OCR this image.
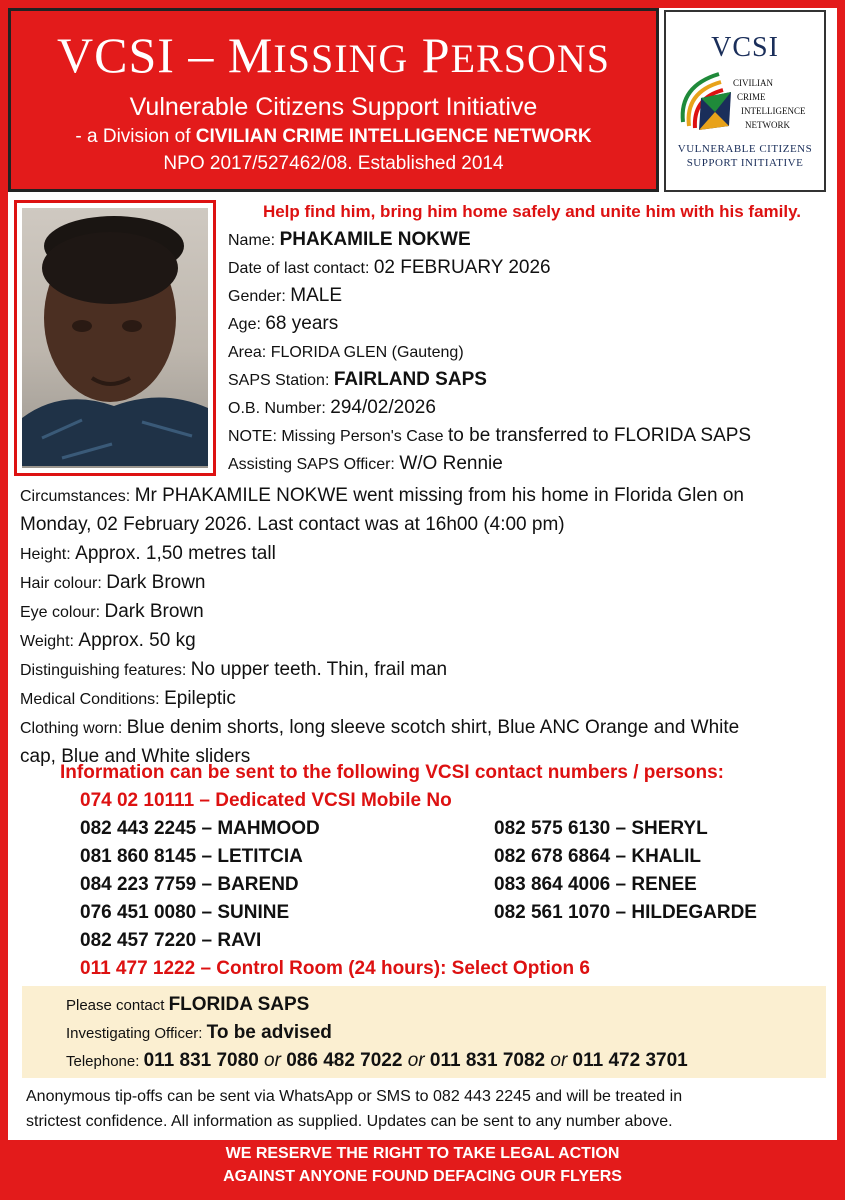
VCSI – MISSING PERSONS
Vulnerable Citizens Support Initiative
- a Division of CIVILIAN CRIME INTELLIGENCE NETWORK
NPO 2017/527462/08. Established 2014
VCSI
CIVILIAN
CRIME
INTELLIGENCE
NETWORK
VULNERABLE CITIZENS
SUPPORT INITIATIVE
Help find him, bring him home safely and unite him with his family.
Name: PHAKAMILE NOKWE
Date of last contact: 02 FEBRUARY 2026
Gender: MALE
Age: 68 years
Area: FLORIDA GLEN (Gauteng)
SAPS Station: FAIRLAND SAPS
O.B. Number: 294/02/2026
NOTE: Missing Person's Case to be transferred to FLORIDA SAPS
Assisting SAPS Officer: W/O Rennie
Circumstances: Mr PHAKAMILE NOKWE went missing from his home in Florida Glen on
Monday, 02 February 2026. Last contact was at 16h00 (4:00 pm)
Height: Approx. 1,50 metres tall
Hair colour: Dark Brown
Eye colour: Dark Brown
Weight: Approx. 50 kg
Distinguishing features: No upper teeth. Thin, frail man
Medical Conditions: Epileptic
Clothing worn: Blue denim shorts, long sleeve scotch shirt, Blue ANC Orange and White
cap, Blue and White sliders
Information can be sent to the following VCSI contact numbers / persons:
074 02 10111 – Dedicated VCSI Mobile No
082 443 2245 – MAHMOOD
081 860 8145 – LETITCIA
084 223 7759 – BAREND
076 451 0080 – SUNINE
082 457 7220 – RAVI
082 575 6130 – SHERYL
082 678 6864 – KHALIL
083 864 4006 – RENEE
082 561 1070 – HILDEGARDE
011 477 1222 – Control Room (24 hours): Select Option 6
Please contact FLORIDA SAPS
Investigating Officer: To be advised
Telephone: 011 831 7080 or 086 482 7022 or 011 831 7082 or 011 472 3701
Anonymous tip-offs can be sent via WhatsApp or SMS to 082 443 2245 and will be treated in
strictest confidence. All information as supplied. Updates can be sent to any number above.
WE RESERVE THE RIGHT TO TAKE LEGAL ACTION
AGAINST ANYONE FOUND DEFACING OUR FLYERS
